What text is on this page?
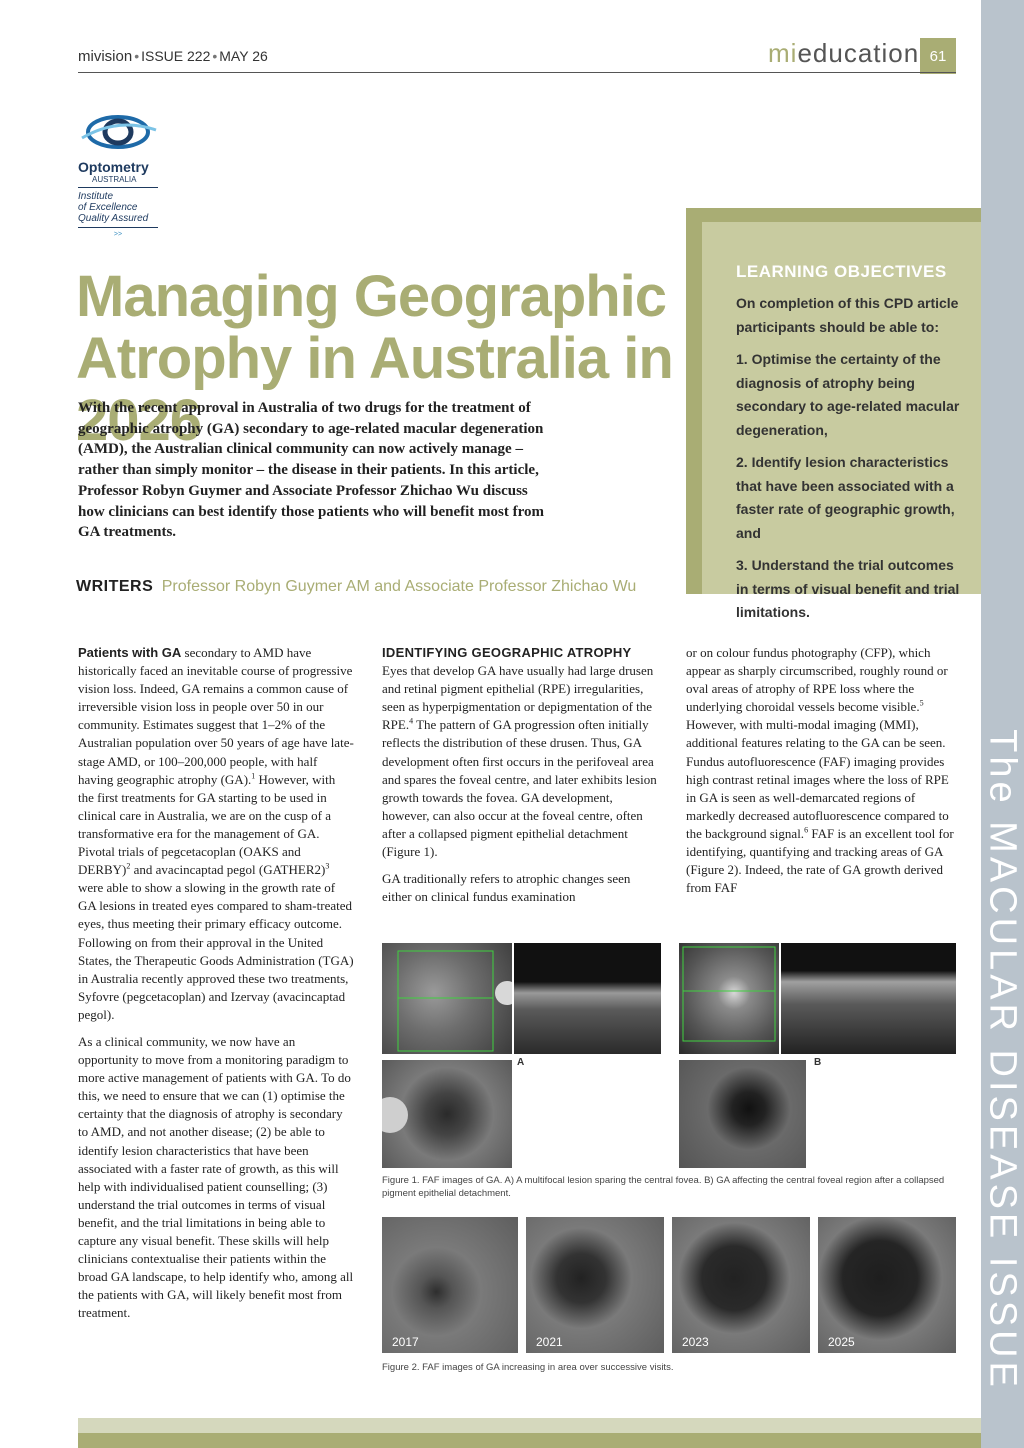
mivision • ISSUE 222 • MAY 26	mieducation 61
The MACULAR DISEASE ISSUE
Optometry
AUSTRALIA
Institute
of Excellence
Quality Assured
>>
Managing Geographic Atrophy in Australia in 2026
With the recent approval in Australia of two drugs for the treatment of geographic atrophy (GA) secondary to age-related macular degeneration (AMD), the Australian clinical community can now actively manage – rather than simply monitor – the disease in their patients. In this article, Professor Robyn Guymer and Associate Professor Zhichao Wu discuss how clinicians can best identify those patients who will benefit most from GA treatments.
WRITERS Professor Robyn Guymer AM and Associate Professor Zhichao Wu
LEARNING OBJECTIVES
On completion of this CPD article participants should be able to:
1. Optimise the certainty of the diagnosis of atrophy being secondary to age-related macular degeneration,
2. Identify lesion characteristics that have been associated with a faster rate of geographic growth, and
3. Understand the trial outcomes in terms of visual benefit and trial limitations.

Patients with GA secondary to AMD have historically faced an inevitable course of progressive vision loss. Indeed, GA remains a common cause of irreversible vision loss in people over 50 in our community. Estimates suggest that 1–2% of the Australian population over 50 years of age have late-stage AMD, or 100–200,000 people, with half having geographic atrophy (GA).$^1$ However, with the first treatments for GA starting to be used in clinical care in Australia, we are on the cusp of a transformative era for the management of GA. Pivotal trials of pegcetacoplan (OAKS and DERBY)$^2$ and avacincaptad pegol (GATHER2)$^3$ were able to show a slowing in the growth rate of GA lesions in treated eyes compared to sham-treated eyes, thus meeting their primary efficacy outcome. Following on from their approval in the United States, the Therapeutic Goods Administration (TGA) in Australia recently approved these two treatments, Syfovre (pegcetacoplan) and Izervay (avacincaptad pegol).

As a clinical community, we now have an opportunity to move from a monitoring paradigm to more active management of patients with GA. To do this, we need to ensure that we can (1) optimise the certainty that the diagnosis of atrophy is secondary to AMD, and not another disease; (2) be able to identify lesion characteristics that have been associated with a faster rate of growth, as this will help with individualised patient counselling; (3) understand the trial outcomes in terms of visual benefit, and the trial limitations in being able to capture any visual benefit. These skills will help clinicians contextualise their patients within the broad GA landscape, to help identify who, among all the patients with GA, will likely benefit most from treatment.

IDENTIFYING GEOGRAPHIC ATROPHY

Eyes that develop GA have usually had large drusen and retinal pigment epithelial (RPE) irregularities, seen as hyperpigmentation or depigmentation of the RPE.$^4$ The pattern of GA progression often initially reflects the distribution of these drusen. Thus, GA development often first occurs in the perifoveal area and spares the foveal centre, and later exhibits lesion growth towards the fovea. GA development, however, can also occur at the foveal centre, often after a collapsed pigment epithelial detachment (Figure 1).

GA traditionally refers to atrophic changes seen either on clinical fundus examination

or on colour fundus photography (CFP), which appear as sharply circumscribed, roughly round or oval areas of atrophy of RPE loss where the underlying choroidal vessels become visible.$^5$ However, with multi-modal imaging (MMI), additional features relating to the GA can be seen. Fundus autofluorescence (FAF) imaging provides high contrast retinal images where the loss of RPE in GA is seen as well-demarcated regions of markedly decreased autofluorescence compared to the background signal.$^6$ FAF is an excellent tool for identifying, quantifying and tracking areas of GA (Figure 2). Indeed, the rate of GA growth derived from FAF

A	B
Figure 1. FAF images of GA. A) A multifocal lesion sparing the central fovea. B) GA affecting the central foveal region after a collapsed pigment epithelial detachment.
2017	2021	2023	2025
Figure 2. FAF images of GA increasing in area over successive visits.
